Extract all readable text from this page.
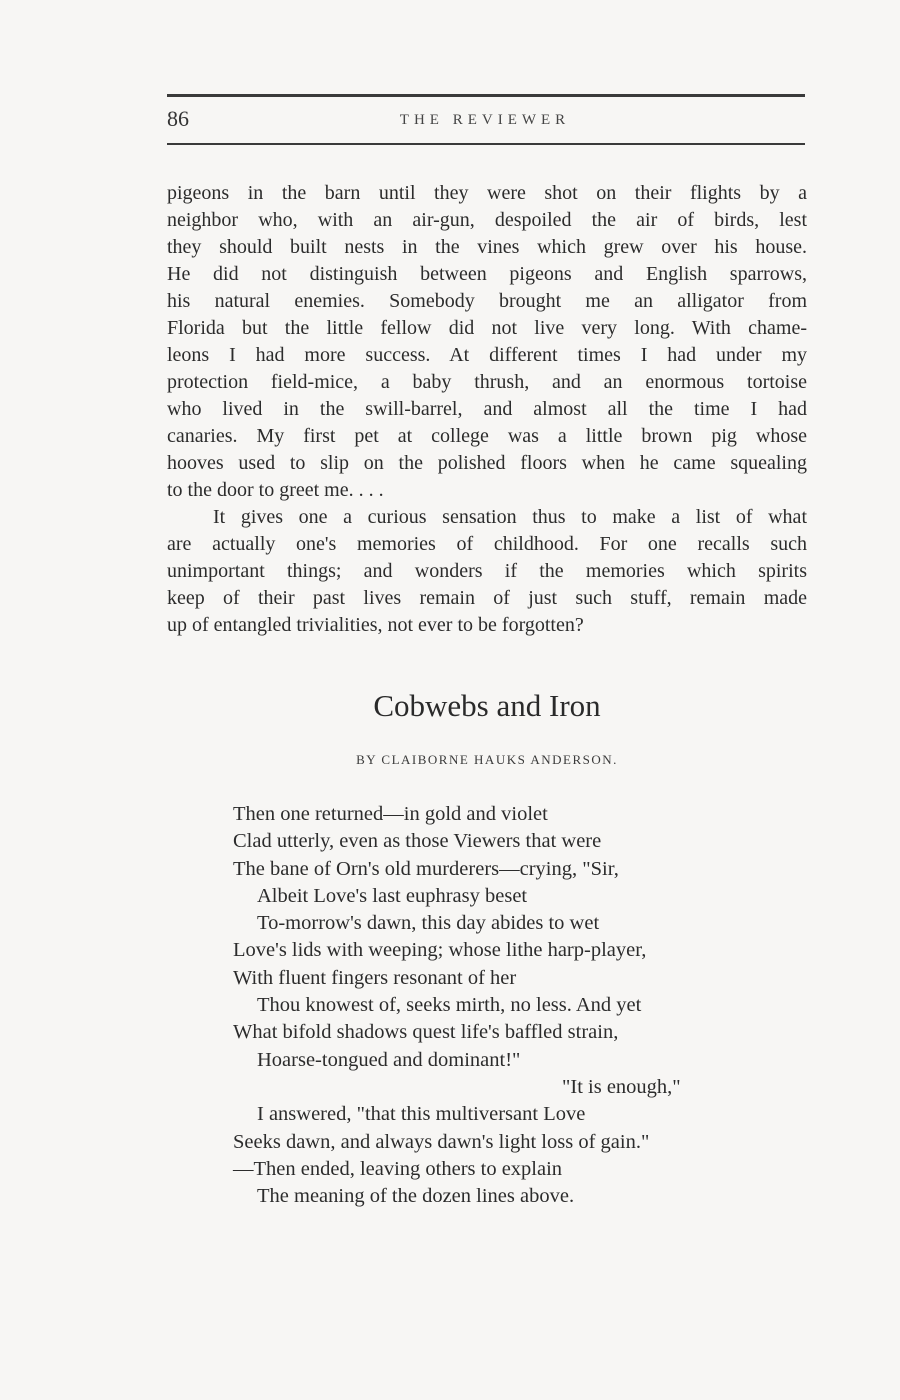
86	THE REVIEWER
pigeons in the barn until they were shot on their flights by a
neighbor who, with an air-gun, despoiled the air of birds, lest
they should built nests in the vines which grew over his house.
He did not distinguish between pigeons and English sparrows,
his natural enemies. Somebody brought me an alligator from
Florida but the little fellow did not live very long. With chame-
leons I had more success. At different times I had under my
protection field-mice, a baby thrush, and an enormous tortoise
who lived in the swill-barrel, and almost all the time I had
canaries. My first pet at college was a little brown pig whose
hooves used to slip on the polished floors when he came squealing
to the door to greet me. . . .
It gives one a curious sensation thus to make a list of what
are actually one's memories of childhood. For one recalls such
unimportant things; and wonders if the memories which spirits
keep of their past lives remain of just such stuff, remain made
up of entangled trivialities, not ever to be forgotten?
Cobwebs and Iron
BY CLAIBORNE HAUKS ANDERSON.
Then one returned—in gold and violet
Clad utterly, even as those Viewers that were
The bane of Orn's old murderers—crying, "Sir,
Albeit Love's last euphrasy beset
To-morrow's dawn, this day abides to wet
Love's lids with weeping; whose lithe harp-player,
With fluent fingers resonant of her
Thou knowest of, seeks mirth, no less. And yet
What bifold shadows quest life's baffled strain,
Hoarse-tongued and dominant!"
"It is enough,"
I answered, "that this multiversant Love
Seeks dawn, and always dawn's light loss of gain."
—Then ended, leaving others to explain
The meaning of the dozen lines above.
